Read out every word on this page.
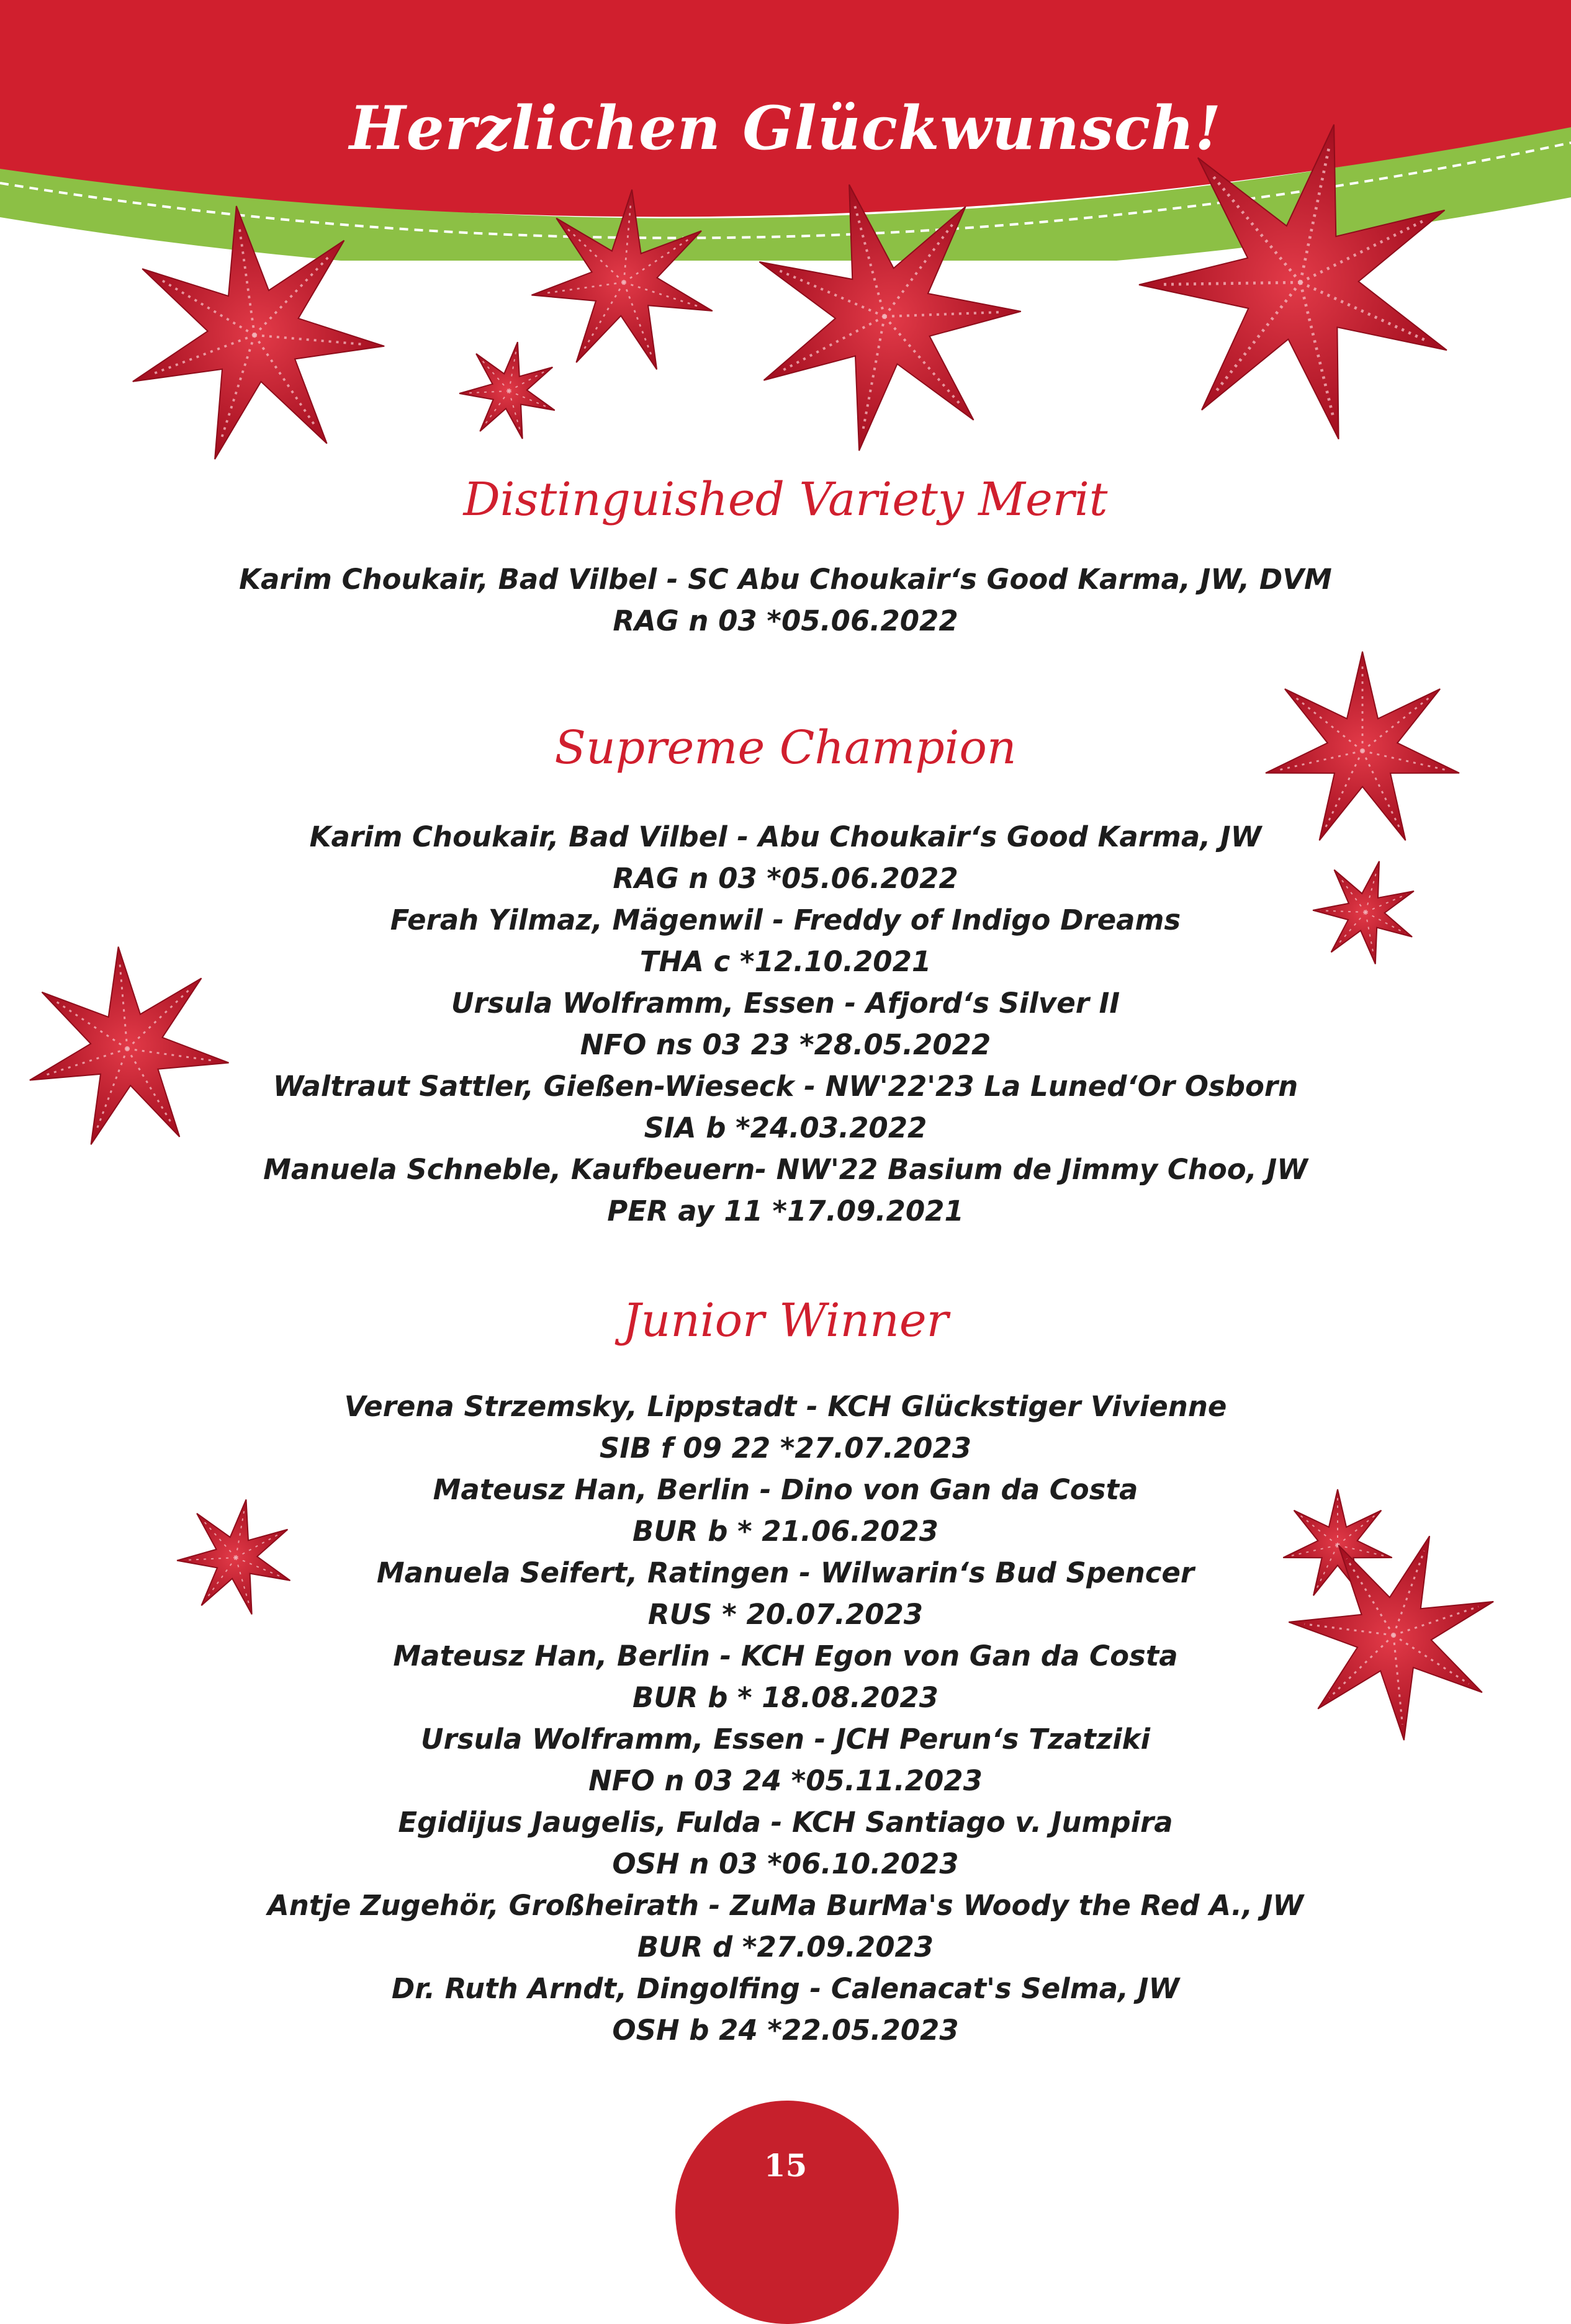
Herzlichen Glückwunsch!
Distinguished Variety Merit
Karim Choukair, Bad Vilbel - SC Abu Choukair‘s Good Karma, JW, DVM
RAG n 03 *05.06.2022
Supreme Champion
Karim Choukair, Bad Vilbel - Abu Choukair‘s Good Karma, JW
RAG n 03 *05.06.2022
Ferah Yilmaz, Mägenwil - Freddy of Indigo Dreams
THA c *12.10.2021
Ursula Wolframm, Essen - Afjord‘s Silver II
NFO ns 03 23 *28.05.2022
Waltraut Sattler, Gießen-Wieseck - NW'22'23 La Luned‘Or Osborn
SIA b *24.03.2022
Manuela Schneble, Kaufbeuern- NW'22 Basium de Jimmy Choo, JW
PER ay 11 *17.09.2021
Junior Winner
Verena Strzemsky, Lippstadt - KCH Glückstiger Vivienne
SIB f 09 22 *27.07.2023
Mateusz Han, Berlin - Dino von Gan da Costa
BUR b * 21.06.2023
Manuela Seifert, Ratingen - Wilwarin‘s Bud Spencer
RUS * 20.07.2023
Mateusz Han, Berlin - KCH Egon von Gan da Costa
BUR b * 18.08.2023
Ursula Wolframm, Essen - JCH Perun‘s Tzatziki
NFO n 03 24 *05.11.2023
Egidijus Jaugelis, Fulda - KCH Santiago v. Jumpira
OSH n 03 *06.10.2023
Antje Zugehör, Großheirath - ZuMa BurMa's Woody the Red A., JW
BUR d *27.09.2023
Dr. Ruth Arndt, Dingolfing - Calenacat's Selma, JW
OSH b 24 *22.05.2023
15
